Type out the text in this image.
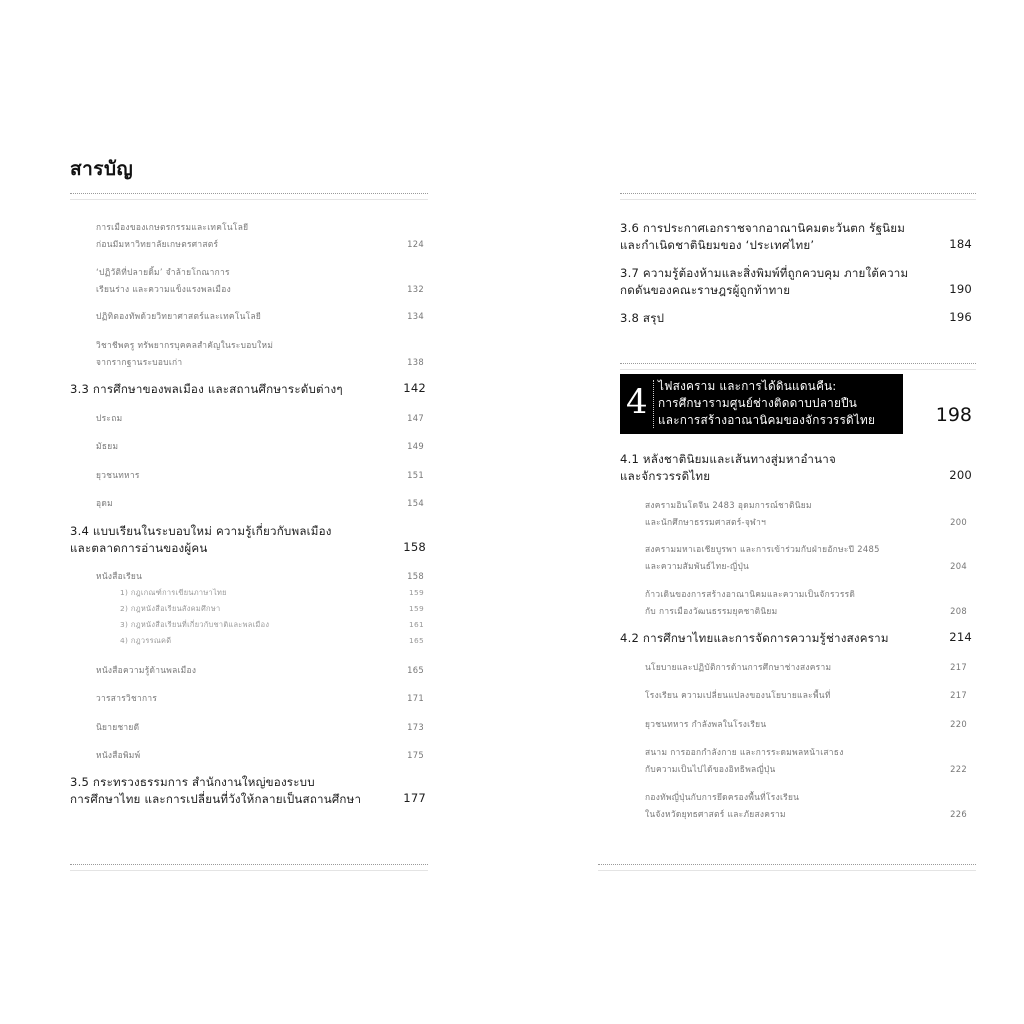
สารบัญ
การเมืองของเกษตรกรรมและเทคโนโลยี
ก่อนมีมหาวิทยาลัยเกษตรศาสตร์	124
‘ปฏิวัติที่ปลายดิ้ม’ จำล้ายโกณาการ
เรียนร่าง และความแข็งแรงพลเมือง	132
ปฏิทิตองทัพด้วยวิทยาศาสตร์และเทคโนโลยี	134
วิชาชีพครู ทรัพยากรบุคคลสำคัญในระบอบใหม่
จากรากฐานระบอบเก่า	138
3.3 การศึกษาของพลเมือง และสถานศึกษาระดับต่างๆ	142
ประถม	147
มัธยม	149
ยุวชนทหาร	151
อุดม	154
3.4 แบบเรียนในระบอบใหม่ ความรู้เกี่ยวกับพลเมือง
และตลาดการอ่านของผู้คน	158
หนังสือเรียน	158
1) กฎเกณฑ์การเขียนภาษาไทย	159
2) กฎหนังสือเรียนสังคมศึกษา	159
3) กฎหนังสือเรียนที่เกี่ยวกับชาติและพลเมือง	161
4) กฎวรรณคดี	165
หนังสือความรู้ด้านพลเมือง	165
วารสารวิชาการ	171
นิยายชายดี	173
หนังสือพิมพ์	175
3.5 กระทรวงธรรมการ สำนักงานใหญ่ของระบบ
การศึกษาไทย และการเปลี่ยนที่วังให้กลายเป็นสถานศึกษา	177
3.6 การประกาศเอกราชจากอาณานิคมตะวันตก รัฐนิยม
และกำเนิดชาตินิยมของ ‘ประเทศไทย’	184
3.7 ความรู้ต้องห้ามและสิ่งพิมพ์ที่ถูกควบคุม ภายใต้ความ
กดดันของคณะราษฎรผู้ถูกท้าทาย	190
3.8 สรุป	196
4 ไฟสงคราม และการได้ดินแดนคืน:
การศึกษารามศูนย์ช่างติดดาบปลายปืน
และการสร้างอาณานิคมของจักรวรรดิไทย	198
4.1 หลังชาตินิยมและเส้นทางสู่มหาอำนาจ
และจักรวรรดิไทย	200
สงครามอินโดจีน 2483 อุดมการณ์ชาตินิยม
และนักศึกษาธรรมศาสตร์-จุฬาฯ	200
สงครามมหาเอเชียบูรพา และการเข้าร่วมกับฝ่ายอักษะปี 2485
และความสัมพันธ์ไทย-ญี่ปุ่น	204
ก้าวเดินของการสร้างอาณานิคมและความเป็นจักรวรรดิ
กับ การเมืองวัฒนธรรมยุคชาตินิยม	208
4.2 การศึกษาไทยและการจัดการความรู้ช่างสงคราม	214
นโยบายและปฏิบัติการด้านการศึกษาช่างสงคราม	217
โรงเรียน ความเปลี่ยนแปลงของนโยบายและพื้นที่	217
ยุวชนทหาร กำลังพลในโรงเรียน	220
สนาม การออกกำลังกาย และการระดมพลหน้าเสาธง
กับความเป็นไปได้ของอิทธิพลญี่ปุ่น	222
กองทัพญี่ปุ่นกับการยึดครองพื้นที่โรงเรียน
ในจังหวัดยุทธศาสตร์ และภัยสงคราม	226
